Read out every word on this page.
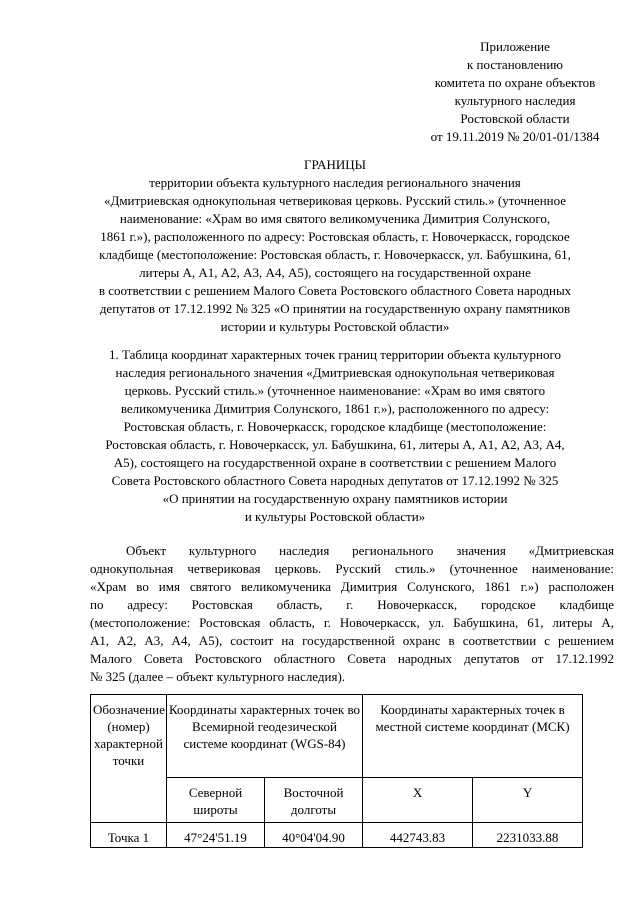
Приложение
к постановлению
комитета по охране объектов
культурного наследия
Ростовской области
от 19.11.2019 № 20/01-01/1384
ГРАНИЦЫ
территории объекта культурного наследия регионального значения
«Дмитриевская однокупольная четвериковая церковь. Русский стиль.» (уточненное
наименование: «Храм во имя святого великомученика Димитрия Солунского,
1861 г.»), расположенного по адресу: Ростовская область, г. Новочеркасск, городское
кладбище (местоположение: Ростовская область, г. Новочеркасск, ул. Бабушкина, 61,
литеры А, А1, А2, А3, А4, А5), состоящего на государственной охране
в соответствии с решением Малого Совета Ростовского областного Совета народных
депутатов от 17.12.1992 № 325 «О принятии на государственную охрану памятников
истории и культуры Ростовской области»
1. Таблица координат характерных точек границ территории объекта культурного
наследия регионального значения «Дмитриевская однокупольная четвериковая
церковь. Русский стиль.» (уточненное наименование: «Храм во имя святого
великомученика Димитрия Солунского, 1861 г.»), расположенного по адресу:
Ростовская область, г. Новочеркасск, городское кладбище (местоположение:
Ростовская область, г. Новочеркасск, ул. Бабушкина, 61, литеры А, А1, А2, А3, А4,
А5), состоящего на государственной охране в соответствии с решением Малого
Совета Ростовского областного Совета народных депутатов от 17.12.1992 № 325
«О принятии на государственную охрану памятников истории
и культуры Ростовской области»
Объект культурного наследия регионального значения «Дмитриевская
однокупольная четвериковая церковь. Русский стиль.» (уточненное наименование:
«Храм во имя святого великомученика Димитрия Солунского, 1861 г.») расположен
по адресу: Ростовская область, г. Новочеркасск, городское кладбище
(местоположение: Ростовская область, г. Новочеркасск, ул. Бабушкина, 61, литеры А,
А1, А2, А3, А4, А5), состоит на государственной охранс в соответствии с решением
Малого Совета Ростовского областного Совета народных депутатов от 17.12.1992
№ 325 (далее – объект культурного наследия).
Обозначение (номер) характерной точки	Координаты характерных точек во Всемирной геодезической системе координат (WGS-84)		Координаты характерных точек в местной системе координат (МСК)	
	Северной широты	Восточной долготы	X	Y
Точка 1	47°24'51.19	40°04'04.90	442743.83	2231033.88
